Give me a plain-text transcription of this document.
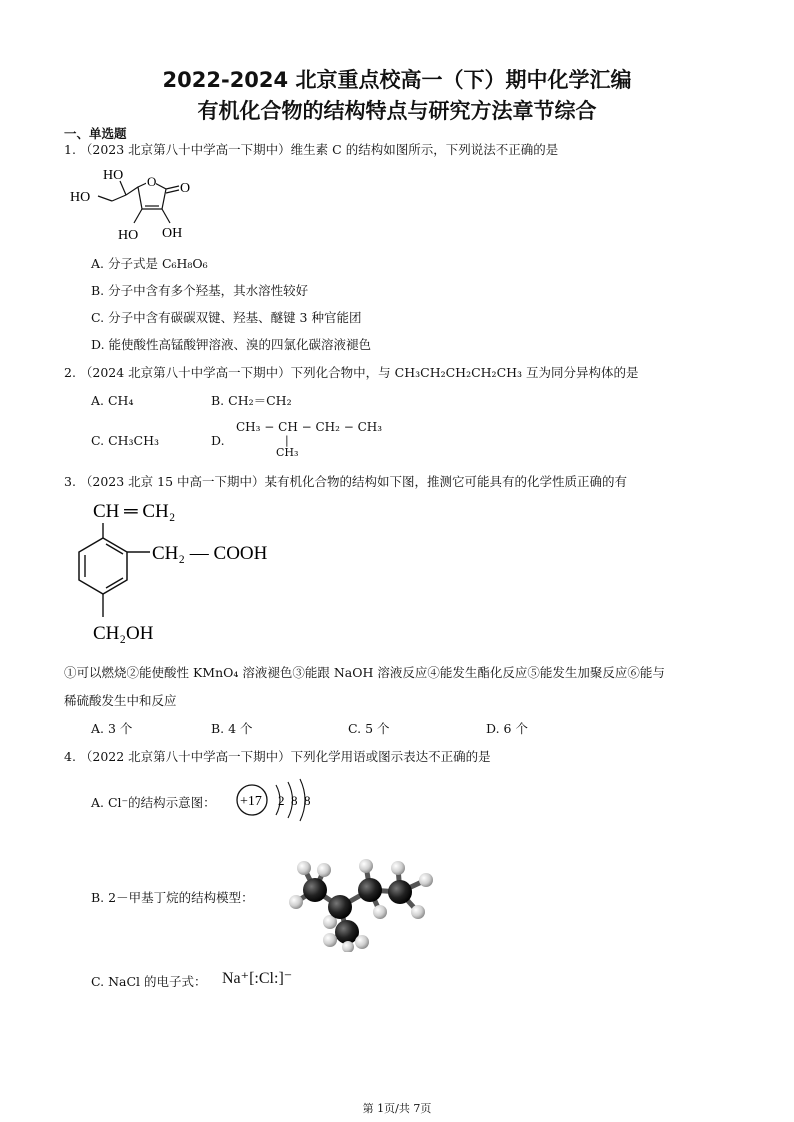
2022-2024 北京重点校高一（下）期中化学汇编
有机化合物的结构特点与研究方法章节综合
一、单选题
1. （2023 北京第八十中学高一下期中）维生素 C 的结构如图所示，下列说法不正确的是
HO
HO
O O
HO OH
A. 分子式是 C₆H₈O₆
B. 分子中含有多个羟基，其水溶性较好
C. 分子中含有碳碳双键、羟基、醚键 3 种官能团
D. 能使酸性高锰酸钾溶液、溴的四氯化碳溶液褪色
2. （2024 北京第八十中学高一下期中）下列化合物中，与 CH₃CH₂CH₂CH₂CH₃ 互为同分异构体的是
A. CH₄	B. CH₂＝CH₂
C. CH₃CH₃	D.
CH₃ − CH − CH₂ − CH₃
|
CH₃
3. （2023 北京 15 中高一下期中）某有机化合物的结构如下图，推测它可能具有的化学性质正确的有
CH ═ CH₂
CH₂ — COOH
CH₂OH
①可以燃烧②能使酸性 KMnO₄ 溶液褪色③能跟 NaOH 溶液反应④能发生酯化反应⑤能发生加聚反应⑥能与
稀硫酸发生中和反应
A. 3 个	B. 4 个	C. 5 个	D. 6 个
4. （2022 北京第八十中学高一下期中）下列化学用语或图示表达不正确的是
A. Cl⁻的结构示意图： +17 2 8 8
B. 2－甲基丁烷的结构模型：
C. NaCl 的电子式： Na⁺[:Cl:]⁻
第 1页/共 7页
